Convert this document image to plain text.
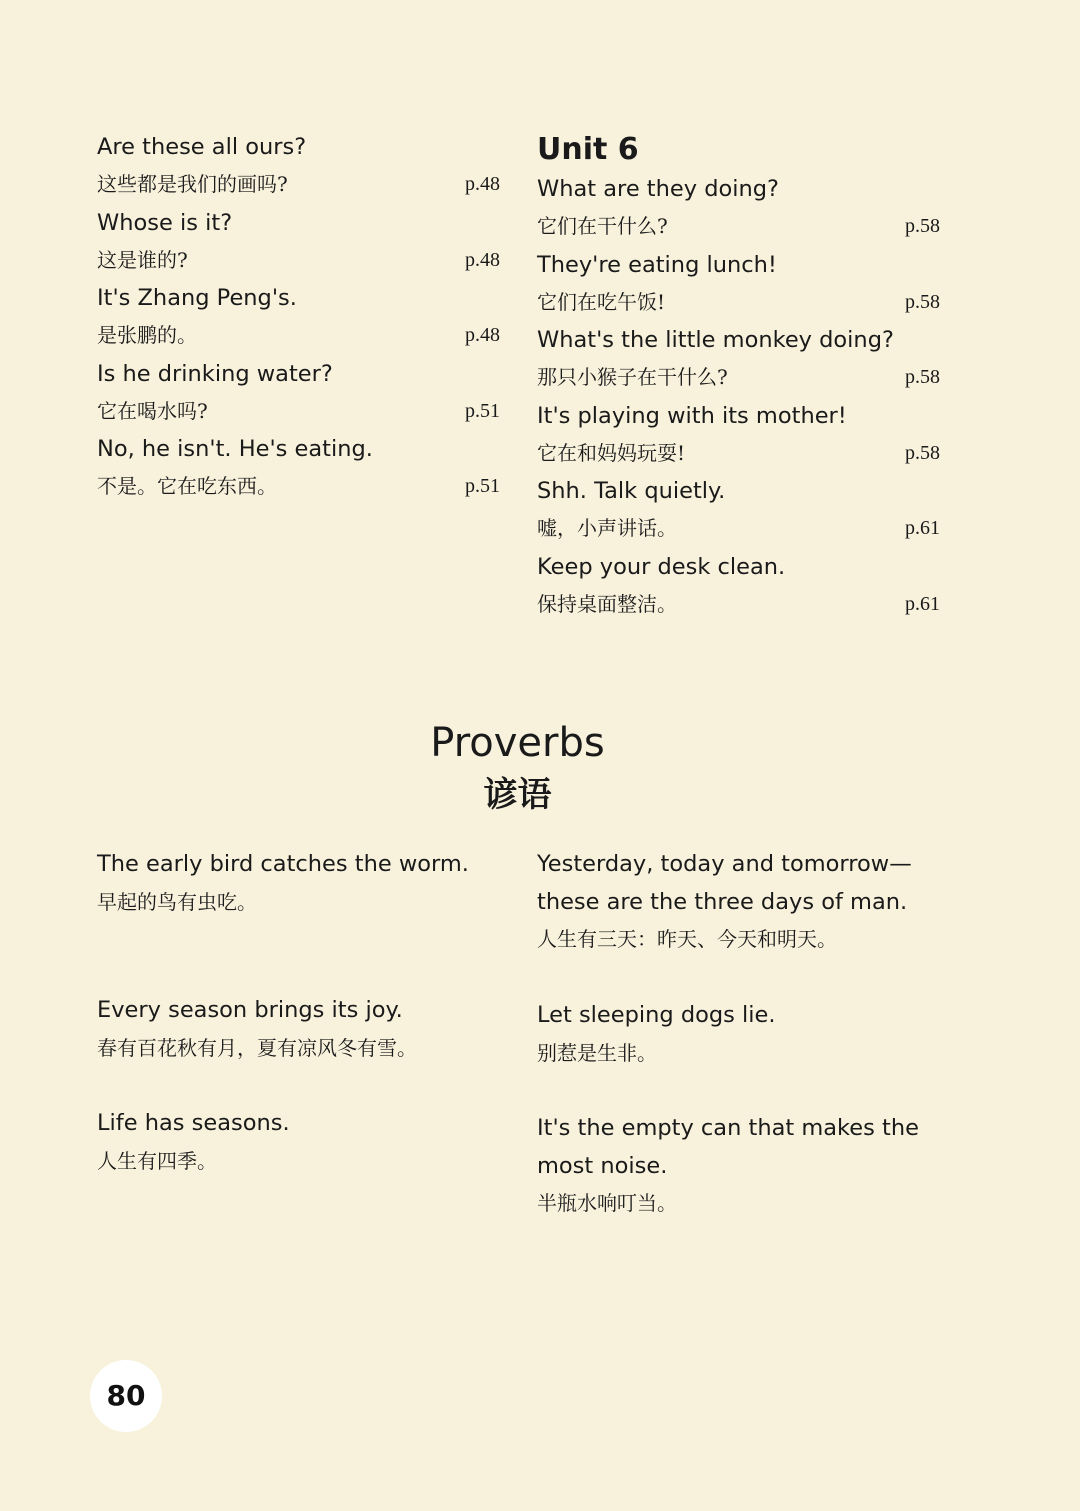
Are these all ours?
这些都是我们的画吗?	p.48
Whose is it?
这是谁的?	p.48
It's Zhang Peng's.
是张鹏的。	p.48
Is he drinking water?
它在喝水吗?	p.51
No, he isn't. He's eating.
不是。它在吃东西。	p.51
Unit 6
What are they doing?
它们在干什么?	p.58
They're eating lunch!
它们在吃午饭!	p.58
What's the little monkey doing?
那只小猴子在干什么?	p.58
It's playing with its mother!
它在和妈妈玩耍!	p.58
Shh. Talk quietly.
嘘，小声讲话。	p.61
Keep your desk clean.
保持桌面整洁。	p.61
Proverbs
谚语
The early bird catches the worm.
早起的鸟有虫吃。
Yesterday, today and tomorrow—
these are the three days of man.
人生有三天：昨天、今天和明天。
Every season brings its joy.
春有百花秋有月，夏有凉风冬有雪。
Let sleeping dogs lie.
别惹是生非。
Life has seasons.
人生有四季。
It's the empty can that makes the
most noise.
半瓶水响叮当。
80
